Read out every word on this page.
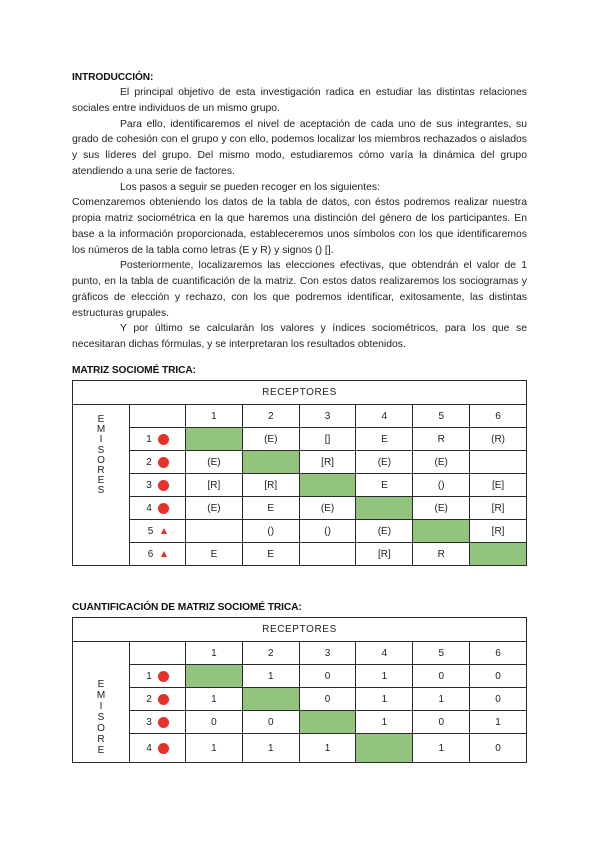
INTRODUCCIÓN:

El principal objetivo de esta investigación radica en estudiar las distintas relaciones sociales entre individuos de un mismo grupo.

Para ello, identificaremos el nivel de aceptación de cada uno de sus integrantes, su grado de cohesión con el grupo y con ello, podemos localizar los miembros rechazados o aislados y sus líderes del grupo. Del mismo modo, estudiaremos cómo varía la dinámica del grupo atendiendo a una serie de factores.

Los pasos a seguir se pueden recoger en los siguientes:

Comenzaremos obteniendo los datos de la tabla de datos, con éstos podremos realizar nuestra propia matriz sociométrica en la que haremos una distinción del género de los participantes. En base a la información proporcionada, estableceremos unos símbolos con los que identificaremos los números de la tabla como letras (E y R) y signos () [].

Posteriormente, localizaremos las elecciones efectivas, que obtendrán el valor de 1 punto, en la tabla de cuantificación de la matriz. Con estos datos realizaremos los sociogramas y gráficos de elección y rechazo, con los que podremos identificar, exitosamente, las distintas estructuras grupales.

Y por último se calcularán los valores y índices sociométricos, para los que se necesitaran dichas fórmulas, y se interpretaran los resultados obtenidos.

MATRIZ SOCIOMÉ TRICA:
RECEPTORES							

E
M
I
S
O
R
E
S
		1	2	3	4	5	6

	1		(E)	[]	E	R	(R)

	2	(E)		[R]	(E)	(E)	

	3	[R]	[R]		E	()	[E]

	4	(E)	E	(E)		(E)	[R]

	5		()	()	(E)		[R]

	6	E	E		[R]	R	
CUANTIFICACIÓN DE MATRIZ SOCIOMÉ TRICA:
RECEPTORES							

E
M
I
S
O
R
E
		1	2	3	4	5	6

	1		1	0	1	0	0

	2	1		0	1	1	0

	3	0	0		1	0	1

	4	1	1	1		1	0
